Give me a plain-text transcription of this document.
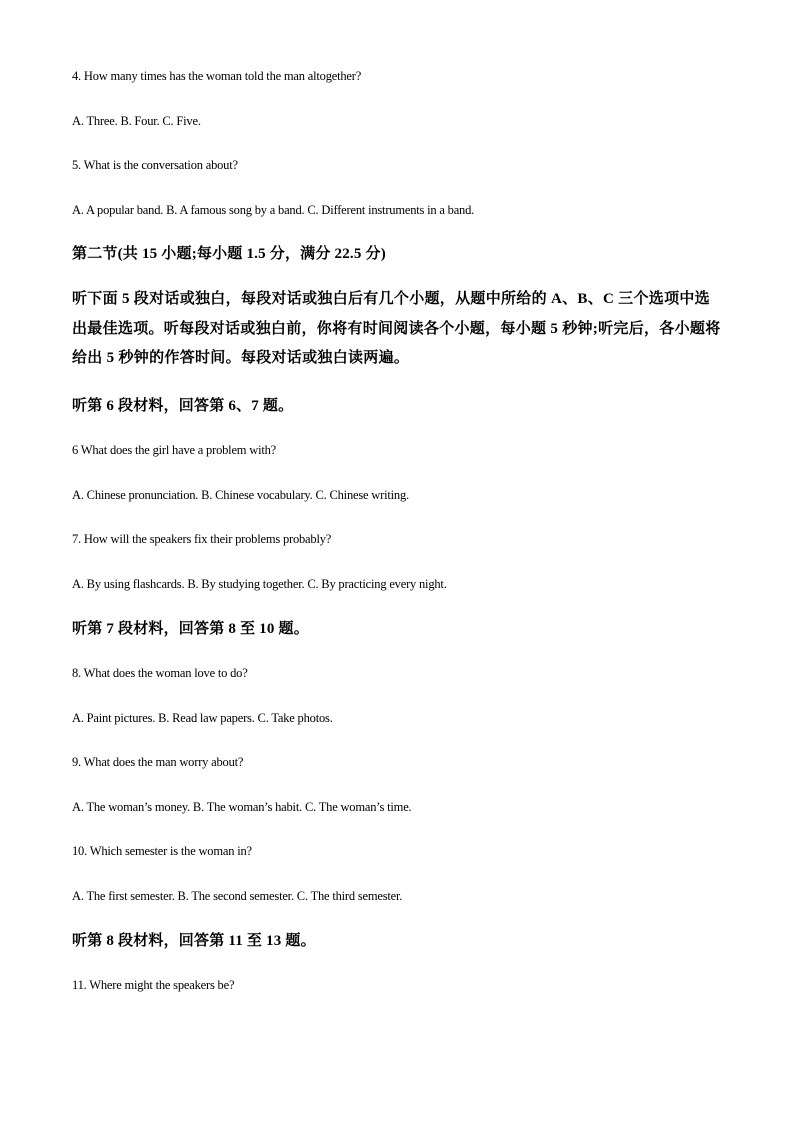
4. How many times has the woman told the man altogether?
A. Three. B. Four. C. Five.
5. What is the conversation about?
A. A popular band. B. A famous song by a band. C. Different instruments in a band.
第二节(共 15 小题;每小题 1.5 分，满分 22.5 分)
听下面 5 段对话或独白，每段对话或独白后有几个小题，从题中所给的 A、B、C 三个选项中选出最佳选项。听每段对话或独白前，你将有时间阅读各个小题，每小题 5 秒钟;听完后，各小题将给出 5 秒钟的作答时间。每段对话或独白读两遍。
听第 6 段材料，回答第 6、7 题。
6 What does the girl have a problem with?
A. Chinese pronunciation. B. Chinese vocabulary. C. Chinese writing.
7. How will the speakers fix their problems probably?
A. By using flashcards. B. By studying together. C. By practicing every night.
听第 7 段材料，回答第 8 至 10 题。
8. What does the woman love to do?
A. Paint pictures. B. Read law papers. C. Take photos.
9. What does the man worry about?
A. The woman’s money. B. The woman’s habit. C. The woman’s time.
10. Which semester is the woman in?
A. The first semester. B. The second semester. C. The third semester.
听第 8 段材料，回答第 11 至 13 题。
11. Where might the speakers be?
